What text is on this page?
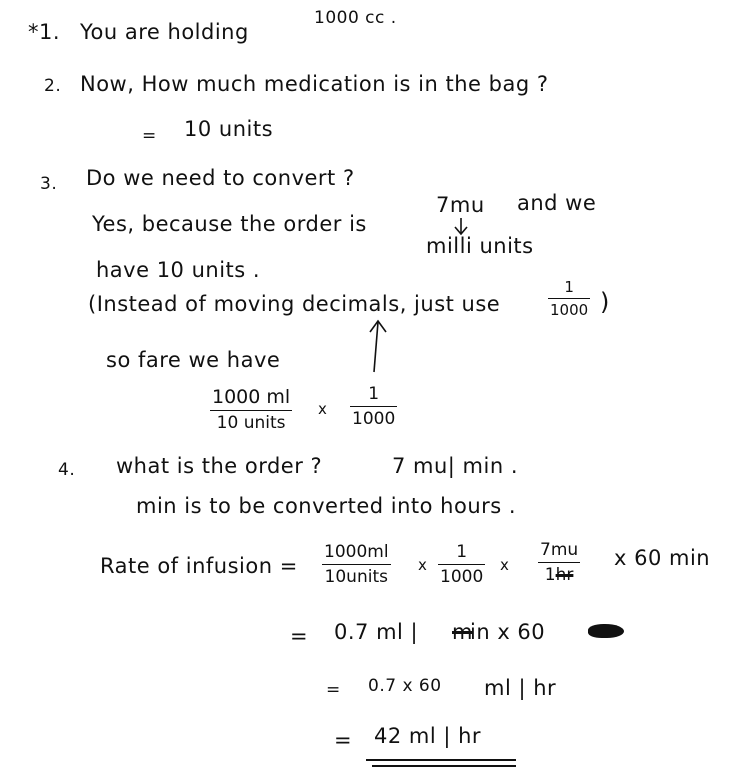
*1. You are holding
1000 cc .
2. Now, How much medication is in the bag ?
= 10 units
3. Do we need to convert ?
Yes, because the order is
7mu and we
milli units
have 10 units .
(Instead of moving decimals, just use
1
1000 )
so fare we have
1000 ml
10 units
x
1
1000
4. what is the order ?	7 mu| min .
min is to be converted into hours .
Rate of infusion =
1000ml
10units
x
1
1000
x
7mu
1hr
x 60 min
= 0.7 ml | m
in x 60
= 0.7 x 60 ml | hr
= 42 ml | hr
